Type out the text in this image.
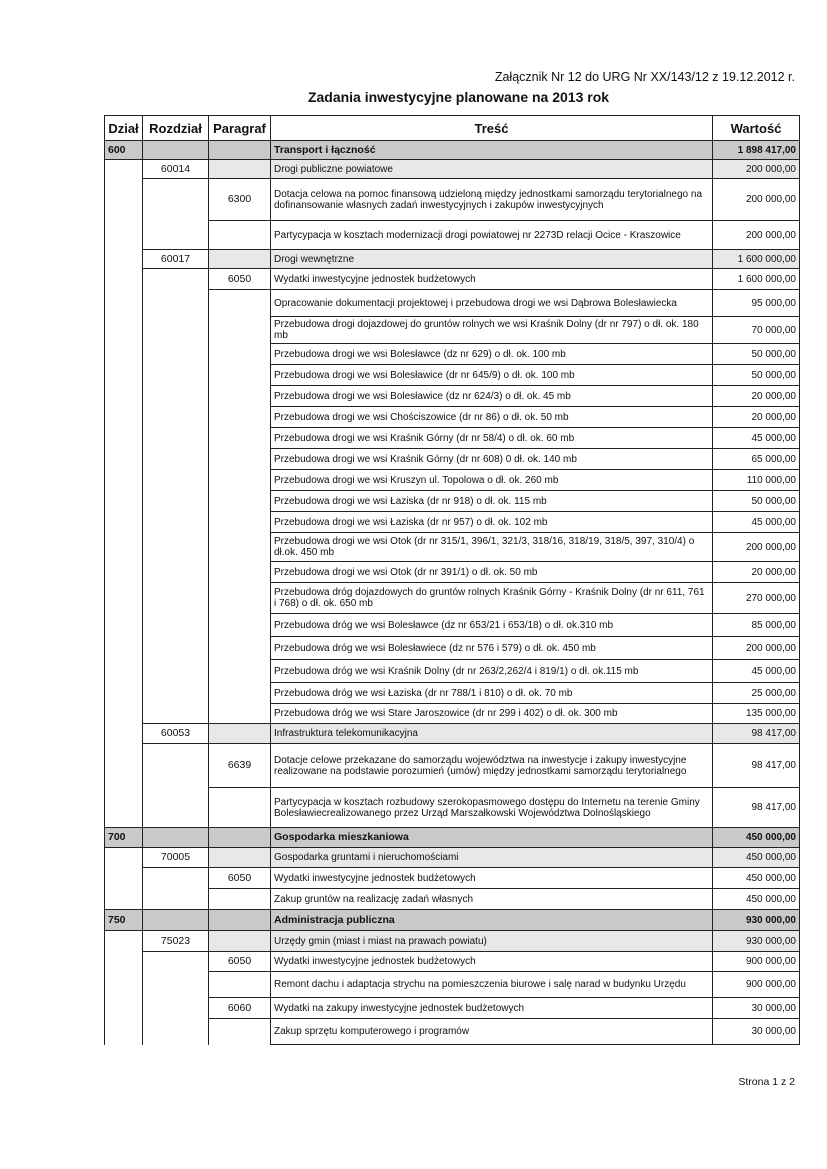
Załącznik Nr 12 do URG Nr XX/143/12 z 19.12.2012 r.
Zadania inwestycyjne planowane na 2013 rok
Dział	Rozdział	Paragraf	Treść	Wartość
600			Transport i łączność	1 898 417,00
	60014		Drogi publiczne powiatowe	200 000,00
		6300	Dotacja celowa na pomoc finansową udzieloną między jednostkami samorządu terytorialnego na dofinansowanie własnych zadań inwestycyjnych i zakupów inwestycyjnych	200 000,00
			Partycypacja w kosztach modernizacji drogi powiatowej nr 2273D relacji Ocice - Kraszowice	200 000,00
	60017		Drogi wewnętrzne	1 600 000,00
		6050	Wydatki inwestycyjne jednostek budżetowych	1 600 000,00
			Opracowanie dokumentacji projektowej i przebudowa drogi we wsi Dąbrowa Bolesławiecka	95 000,00
			Przebudowa drogi dojazdowej do gruntów rolnych we wsi Kraśnik Dolny (dr nr 797) o dł. ok. 180 mb	70 000,00
			Przebudowa drogi we wsi Bolesławce (dz nr 629) o dł. ok. 100 mb	50 000,00
			Przebudowa drogi we wsi Bolesławice (dr nr 645/9) o dł. ok. 100 mb	50 000,00
			Przebudowa drogi we wsi Bolesławice (dz nr 624/3) o dł. ok. 45 mb	20 000,00
			Przebudowa drogi we wsi Chościszowice (dr nr 86) o dł. ok. 50 mb	20 000,00
			Przebudowa drogi we wsi Kraśnik Górny (dr nr 58/4) o dł. ok. 60 mb	45 000,00
			Przebudowa drogi we wsi Kraśnik Górny (dr nr 608) 0 dł. ok. 140 mb	65 000,00
			Przebudowa drogi we wsi Kruszyn ul. Topolowa o dł. ok. 260 mb	110 000,00
			Przebudowa drogi we wsi Łaziska (dr nr 918) o dł. ok. 115 mb	50 000,00
			Przebudowa drogi we wsi Łaziska (dr nr 957) o dł. ok. 102 mb	45 000,00
			Przebudowa drogi we wsi Otok (dr nr 315/1, 396/1, 321/3, 318/16, 318/19, 318/5, 397, 310/4) o dł.ok. 450 mb	200 000,00
			Przebudowa drogi we wsi Otok (dr nr 391/1) o dł. ok. 50 mb	20 000,00
			Przebudowa dróg dojazdowych do gruntów rolnych Kraśnik Górny - Kraśnik Dolny (dr nr 611, 761 i 768) o dł. ok. 650 mb	270 000,00
			Przebudowa dróg we wsi Bolesławce (dz nr 653/21 i 653/18) o dł. ok.310 mb	85 000,00
			Przebudowa dróg we wsi Bolesławiece (dz nr 576 i 579) o dł. ok. 450 mb	200 000,00
			Przebudowa dróg we wsi Kraśnik Dolny (dr nr 263/2,262/4 i 819/1) o dł. ok.115 mb	45 000,00
			Przebudowa dróg we wsi Łaziska (dr nr 788/1 i 810) o dł. ok. 70 mb	25 000,00
			Przebudowa dróg we wsi Stare Jaroszowice (dr nr 299 i 402) o dł. ok. 300 mb	135 000,00
	60053		Infrastruktura telekomunikacyjna	98 417,00
		6639	Dotacje celowe przekazane do samorządu województwa na inwestycje i zakupy inwestycyjne realizowane na podstawie porozumień (umów) między jednostkami samorządu terytorialnego	98 417,00
			Partycypacja w kosztach rozbudowy szerokopasmowego dostępu do Internetu na terenie Gminy Bolesławiecrealizowanego przez Urząd Marszałkowski Województwa Dolnośląskiego	98 417,00
700			Gospodarka mieszkaniowa	450 000,00
	70005		Gospodarka gruntami i nieruchomościami	450 000,00
		6050	Wydatki inwestycyjne jednostek budżetowych	450 000,00
			Zakup gruntów na realizację zadań własnych	450 000,00
750			Administracja publiczna	930 000,00
	75023		Urzędy gmin (miast i miast na prawach powiatu)	930 000,00
		6050	Wydatki inwestycyjne jednostek budżetowych	900 000,00
			Remont dachu i adaptacja strychu na pomieszczenia biurowe i salę narad w budynku Urzędu	900 000,00
		6060	Wydatki na zakupy inwestycyjne jednostek budżetowych	30 000,00
			Zakup sprzętu komputerowego i programów	30 000,00
Strona 1 z 2
